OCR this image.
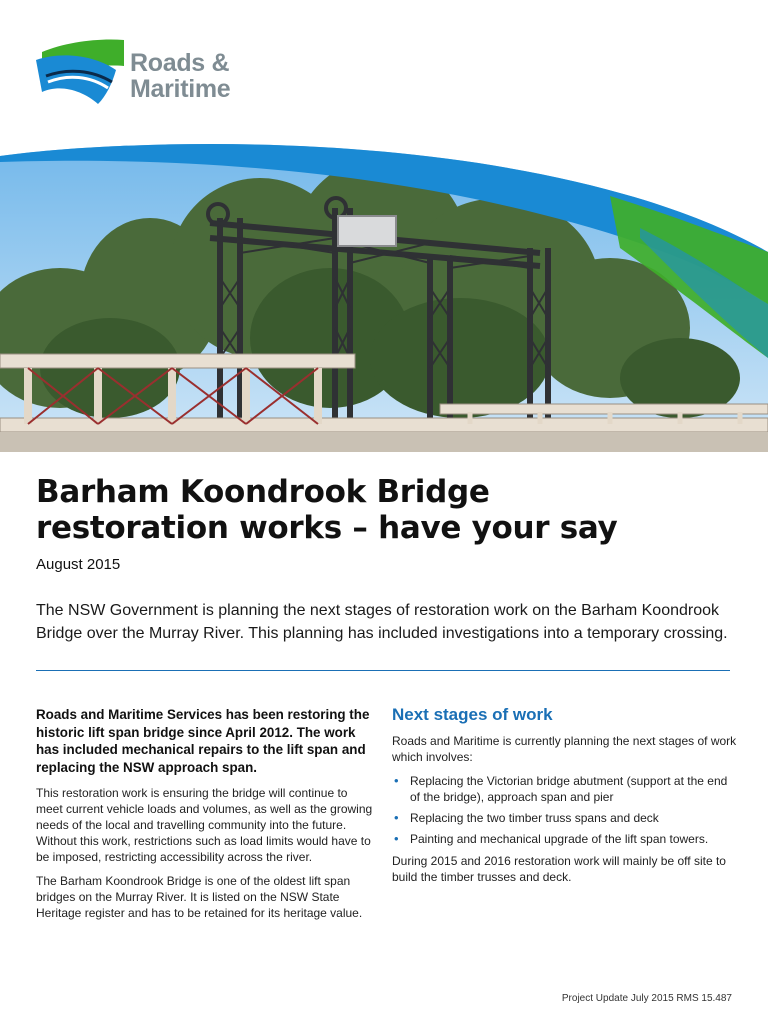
Roads &
Maritime
Barham Koondrook Bridge
restoration works – have your say
August 2015

The NSW Government is planning the next stages of restoration work on the Barham Koondrook Bridge over the Murray River. This planning has included investigations into a temporary crossing.

Roads and Maritime Services has been restoring the historic lift span bridge since April 2012. The work has included mechanical repairs to the lift span and replacing the NSW approach span.

This restoration work is ensuring the bridge will continue to meet current vehicle loads and volumes, as well as the growing needs of the local and travelling community into the future. Without this work, restrictions such as load limits would have to be imposed, restricting accessibility across the river.

The Barham Koondrook Bridge is one of the oldest lift span bridges on the Murray River. It is listed on the NSW State Heritage register and has to be retained for its heritage value.

Next stages of work

Roads and Maritime is currently planning the next stages of work which involves:

• Replacing the Victorian bridge abutment (support at the end of the bridge), approach span and pier
• Replacing the two timber truss spans and deck
• Painting and mechanical upgrade of the lift span towers.

During 2015 and 2016 restoration work will mainly be off site to build the timber trusses and deck.

Project Update July 2015 RMS 15.487
